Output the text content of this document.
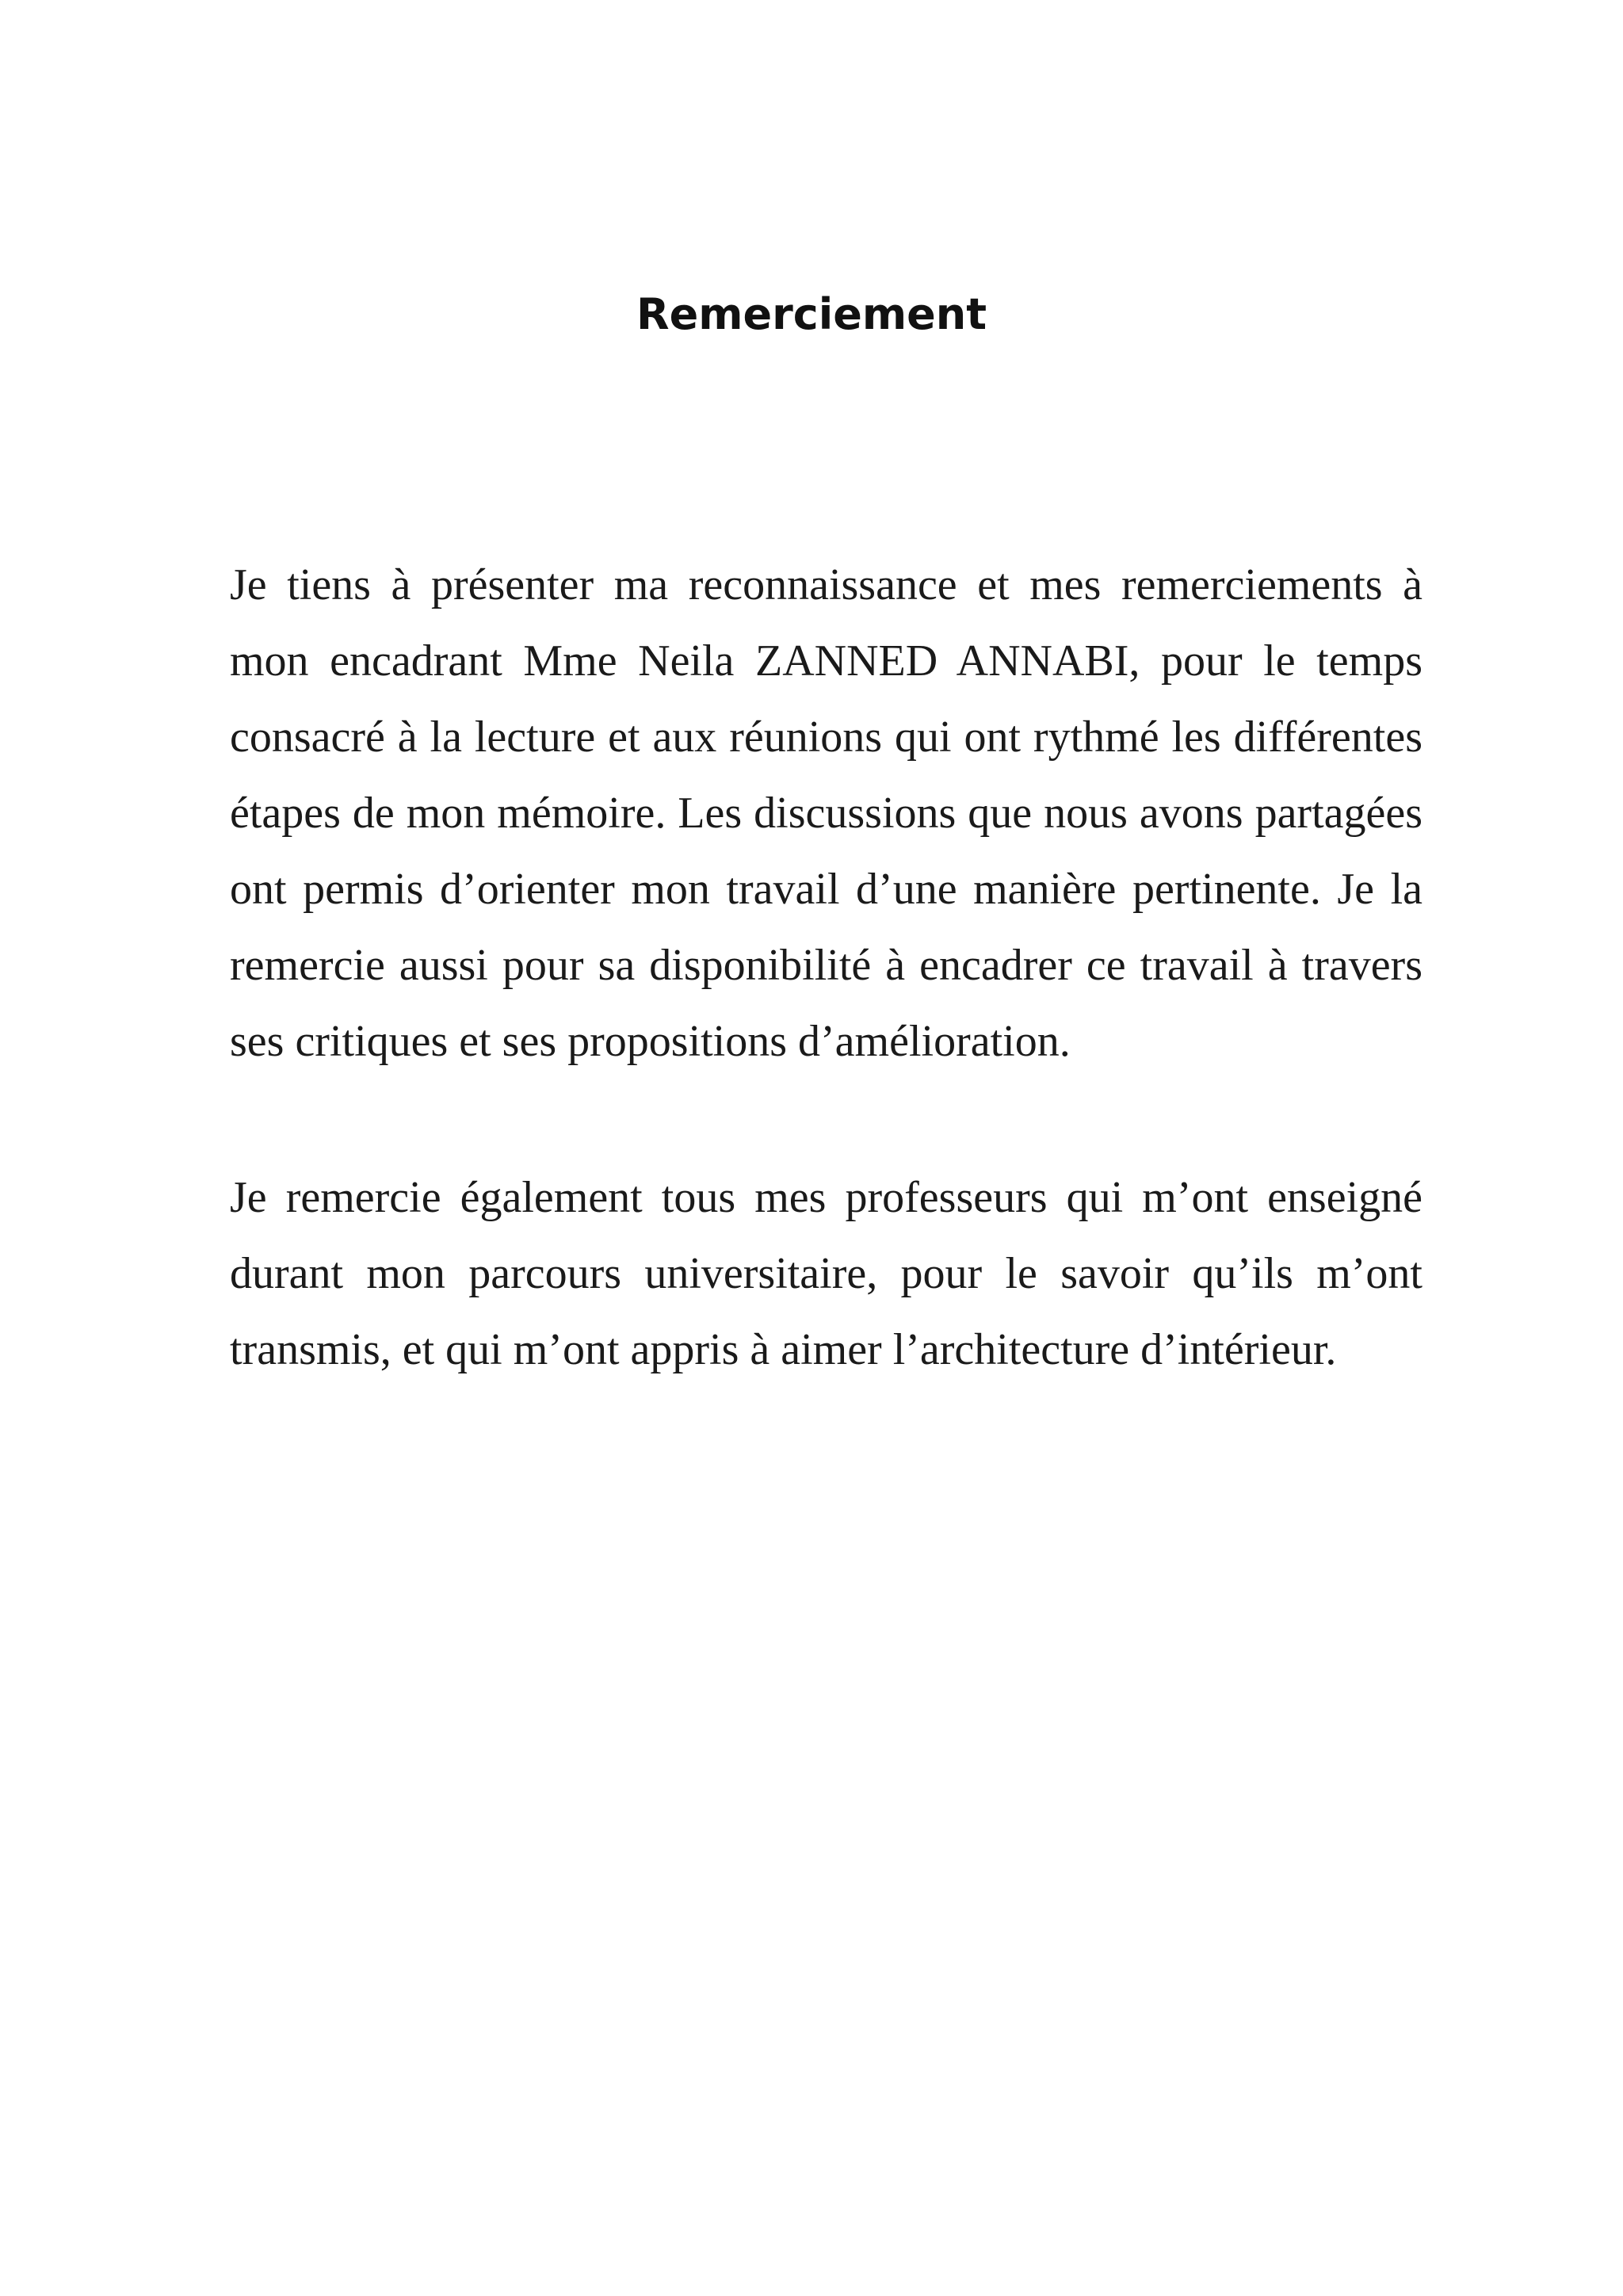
Remerciement
Je tiens à présenter ma reconnaissance et mes remerciements à
mon encadrant Mme Neila ZANNED ANNABI, pour le temps
consacré à la lecture et aux réunions qui ont rythmé les différentes
étapes de mon mémoire. Les discussions que nous avons partagées
ont permis d’orienter mon travail d’une manière pertinente. Je la
remercie aussi pour sa disponibilité à encadrer ce travail à travers
ses critiques et ses propositions d’amélioration.
Je remercie également tous mes professeurs qui m’ont enseigné
durant mon parcours universitaire, pour le savoir qu’ils m’ont
transmis, et qui m’ont appris à aimer l’architecture d’intérieur.
